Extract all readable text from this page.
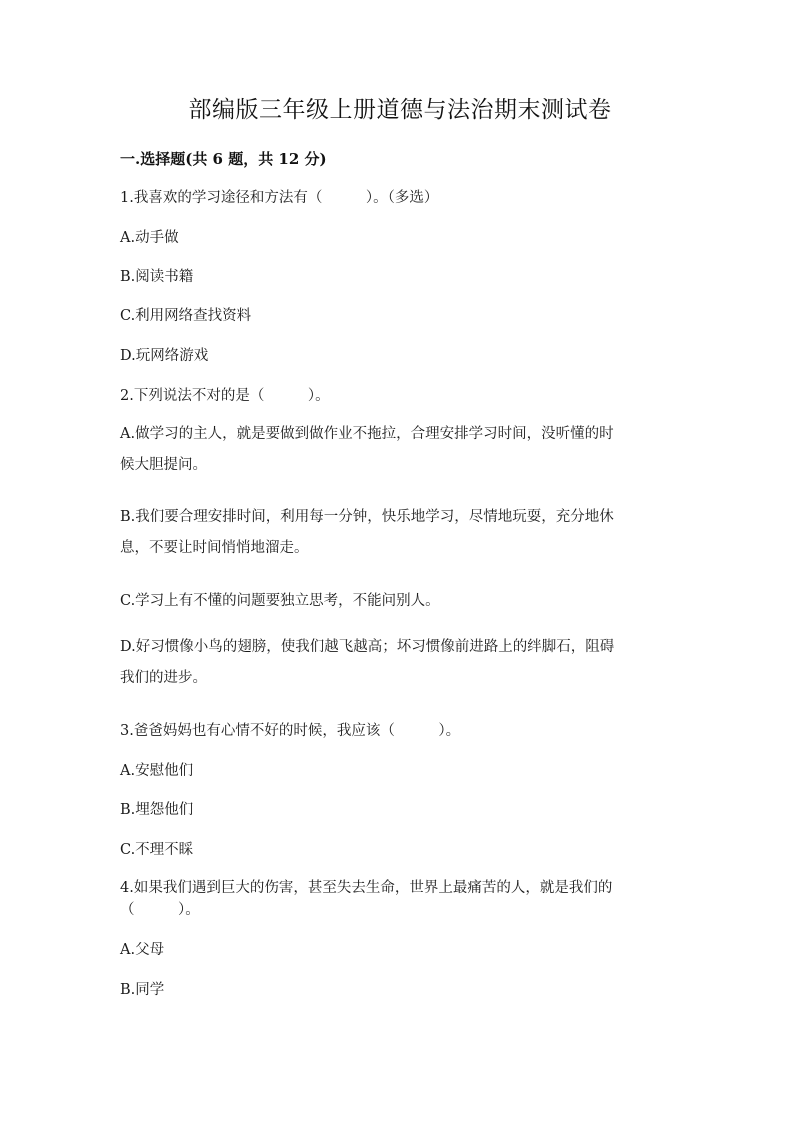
部编版三年级上册道德与法治期末测试卷
一.选择题(共 6 题，共 12 分)
1.我喜欢的学习途径和方法有（　　　）。（多选）
A.动手做
B.阅读书籍
C.利用网络查找资料
D.玩网络游戏
2.下列说法不对的是（　　　）。
A.做学习的主人，就是要做到做作业不拖拉，合理安排学习时间，没听懂的时
候大胆提问。
B.我们要合理安排时间，利用每一分钟，快乐地学习，尽情地玩耍，充分地休
息，不要让时间悄悄地溜走。
C.学习上有不懂的问题要独立思考，不能问别人。
D.好习惯像小鸟的翅膀，使我们越飞越高；坏习惯像前进路上的绊脚石，阻碍
我们的进步。
3.爸爸妈妈也有心情不好的时候，我应该（　　　）。
A.安慰他们
B.埋怨他们
C.不理不睬
4.如果我们遇到巨大的伤害，甚至失去生命，世界上最痛苦的人，就是我们的
（　　　）。
A.父母
B.同学
